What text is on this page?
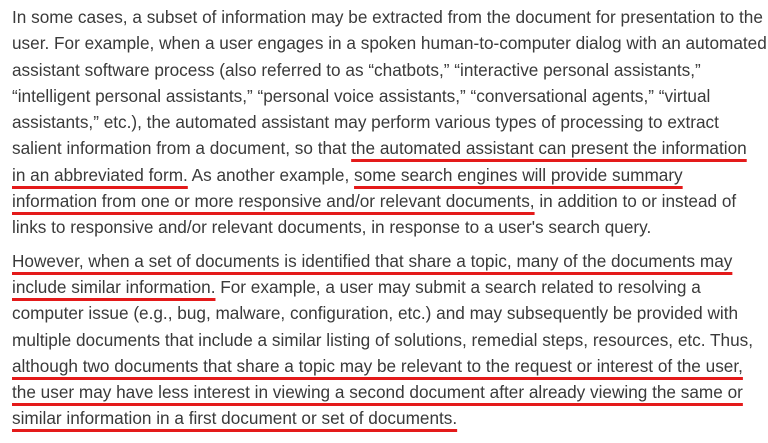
In some cases, a subset of information may be extracted from the document for presentation to the
user. For example, when a user engages in a spoken human-to-computer dialog with an automated
assistant software process (also referred to as “chatbots,” “interactive personal assistants,”
“intelligent personal assistants,” “personal voice assistants,” “conversational agents,” “virtual
assistants,” etc.), the automated assistant may perform various types of processing to extract
salient information from a document, so that the automated assistant can present the information
in an abbreviated form. As another example, some search engines will provide summary
information from one or more responsive and/or relevant documents, in addition to or instead of
links to responsive and/or relevant documents, in response to a user's search query.
However, when a set of documents is identified that share a topic, many of the documents may
include similar information. For example, a user may submit a search related to resolving a
computer issue (e.g., bug, malware, configuration, etc.) and may subsequently be provided with
multiple documents that include a similar listing of solutions, remedial steps, resources, etc. Thus,
although two documents that share a topic may be relevant to the request or interest of the user,
the user may have less interest in viewing a second document after already viewing the same or
similar information in a first document or set of documents.
